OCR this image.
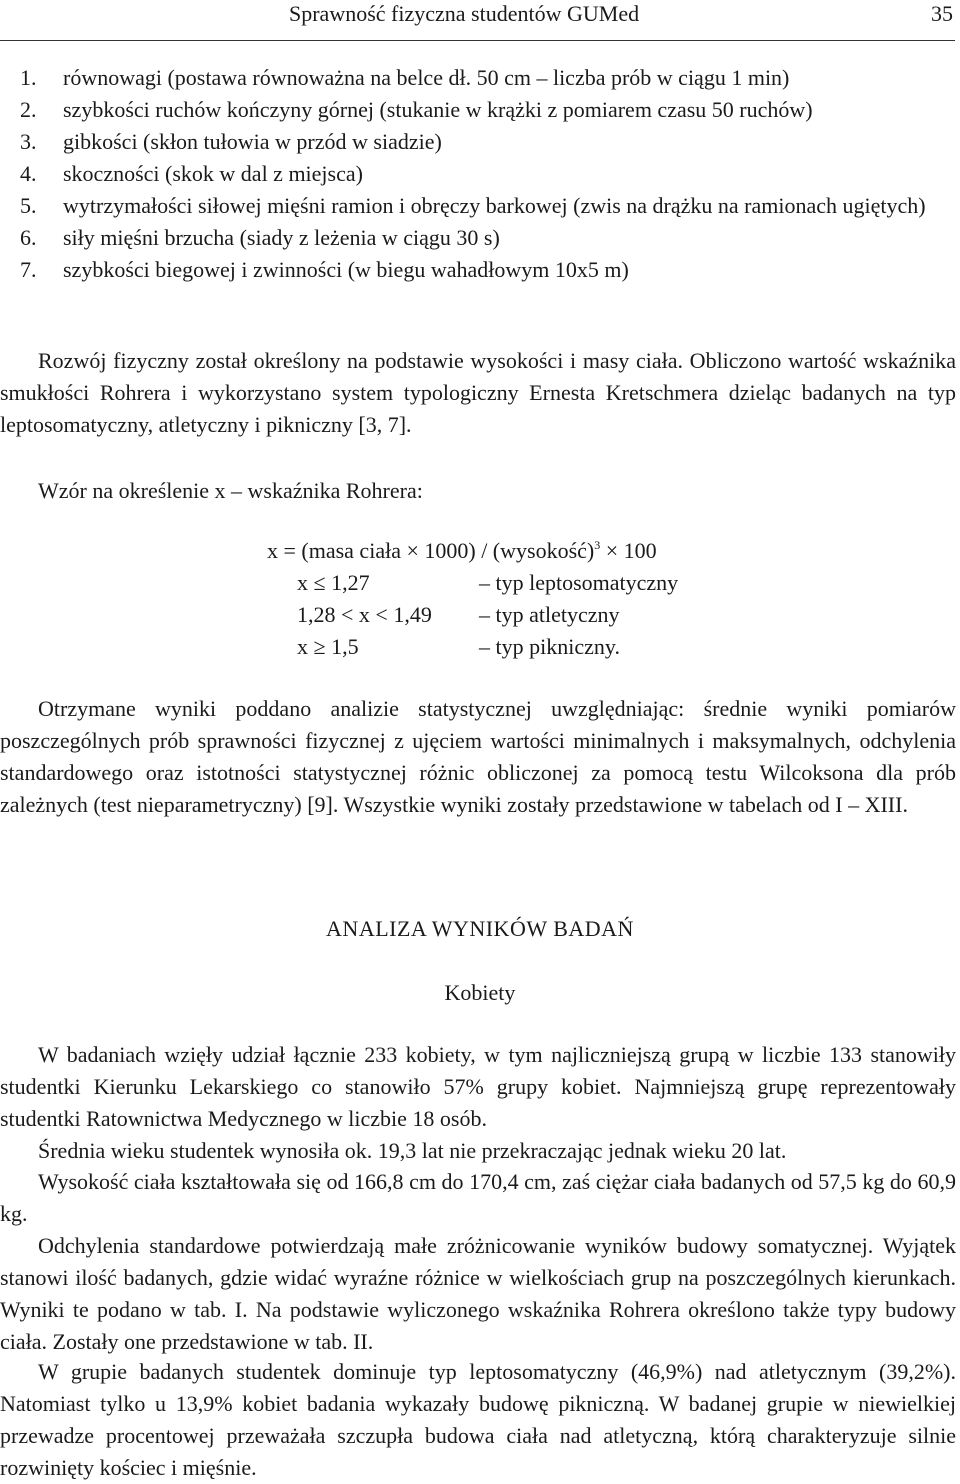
Sprawność fizyczna studentów GUMed	35
1. równowagi (postawa równoważna na belce dł. 50 cm – liczba prób w ciągu 1 min)
2. szybkości ruchów kończyny górnej (stukanie w krążki z pomiarem czasu 50 ruchów)
3. gibkości (skłon tułowia w przód w siadzie)
4. skoczności (skok w dal z miejsca)
5. wytrzymałości siłowej mięśni ramion i obręczy barkowej (zwis na drążku na ramionach ugiętych)
6. siły mięśni brzucha (siady z leżenia w ciągu 30 s)
7. szybkości biegowej i zwinności (w biegu wahadłowym 10x5 m)

Rozwój fizyczny został określony na podstawie wysokości i masy ciała. Obliczono wartość wskaźnika smukłości Rohrera i wykorzystano system typologiczny Ernesta Kretschmera dzieląc badanych na typ leptosomatyczny, atletyczny i pikniczny [3, 7].

Wzór na określenie x – wskaźnika Rohrera:
x = (masa ciała × 1000) / (wysokość)$^3$ × 100
x ≤ 1,27	– typ leptosomatyczny
1,28 < x < 1,49 – typ atletyczny
x ≥ 1,5	– typ pikniczny.

Otrzymane wyniki poddano analizie statystycznej uwzględniając: średnie wyniki pomiarów poszczególnych prób sprawności fizycznej z ujęciem wartości minimalnych i maksymalnych, odchylenia standardowego oraz istotności statystycznej różnic obliczonej za pomocą testu Wilcoksona dla prób zależnych (test nieparametryczny) [9]. Wszystkie wyniki zostały przedstawione w tabelach od I – XIII.

ANALIZA WYNIKÓW BADAŃ
Kobiety

W badaniach wzięły udział łącznie 233 kobiety, w tym najliczniejszą grupą w liczbie 133 stanowiły studentki Kierunku Lekarskiego co stanowiło 57% grupy kobiet. Najmniejszą grupę reprezentowały studentki Ratownictwa Medycznego w liczbie 18 osób.

Średnia wieku studentek wynosiła ok. 19,3 lat nie przekraczając jednak wieku 20 lat.

Wysokość ciała kształtowała się od 166,8 cm do 170,4 cm, zaś ciężar ciała badanych od 57,5 kg do 60,9 kg.

Odchylenia standardowe potwierdzają małe zróżnicowanie wyników budowy somatycznej. Wyjątek stanowi ilość badanych, gdzie widać wyraźne różnice w wielkościach grup na poszczególnych kierunkach. Wyniki te podano w tab. I. Na podstawie wyliczonego wskaźnika Rohrera określono także typy budowy ciała. Zostały one przedstawione w tab. II.

W grupie badanych studentek dominuje typ leptosomatyczny (46,9%) nad atletycznym (39,2%). Natomiast tylko u 13,9% kobiet badania wykazały budowę pikniczną. W badanej grupie w niewielkiej przewadze procentowej przeważała szczupła budowa ciała nad atletyczną, którą charakteryzuje silnie rozwinięty kościec i mięśnie.
